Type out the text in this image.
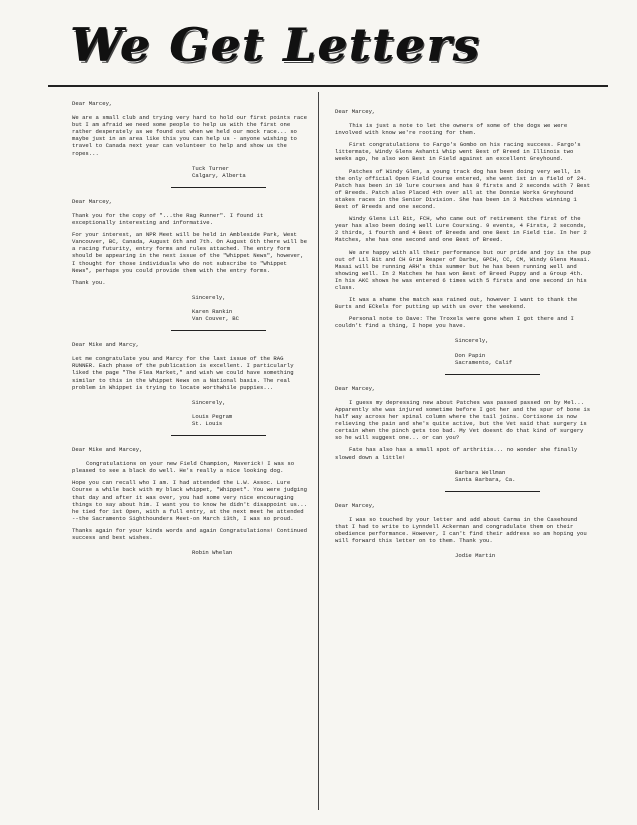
We Get Letters

Dear Marcey,

We are a small club and trying very hard to hold our first points race but I am afraid we need some people to help us with the first one rather desperately as we found out when we held our mock race... so maybe just in an area like this you can help us - anyone wishing to travel to Canada next year can volunteer to help and show us the ropes...

Tuck Turner
Calgary, Alberta

Dear Marcey,

Thank you for the copy of "...the Rag Runner". I found it exceptionally interesting and informative.

For your interest, an NPR Meet will be held in Ambleside Park, West Vancouver, BC, Canada, August 6th and 7th. On August 6th there will be a racing futurity, entry forms and rules attached. The entry form should be appearing in the next issue of the "Whippet News", however, I thought for those individuals who do not subscribe to "Whippet News", perhaps you could provide them with the entry forms.

Thank you.

Sincerely,

Karen Rankin
Van Couver, BC

Dear Mike and Marcy,

Let me congratulate you and Marcy for the last issue of the RAG RUNNER. Each phase of the publication is excellent. I particularly liked the page "The Flea Market," and wish we could have something similar to this in the Whippet News on a National basis. The real problem in Whippet is trying to locate worthwhile puppies...

Sincerely,

Louis Pegram
St. Louis

Dear Mike and Marcey,

Congratulations on your new Field Champion, Maverick! I was so pleased to see a black do well. He's really a nice looking dog.

Hope you can recall who I am. I had attended the L.W. Assoc. Lure Course a while back with my black whippet, "Whippet". You were judging that day and after it was over, you had some very nice encouraging things to say about him. I want you to know he didn't disappoint us... he tied for 1st Open, with a full entry, at the next meet he attended --the Sacramento Sighthounders Meet-on March 13th, I was so proud.

Thanks again for your kinds words and again Congratulations! Continued success and best wishes.

Robin Whelan

Dear Marcey,

This is just a note to let the owners of some of the dogs we were involved with know we're rooting for them.

First congratulations to Fargo's Gombo on his racing success. Fargo's littermate, Windy Glens Ashanti Whip went Best of Breed in Illinois two weeks ago, he also won Best in Field against an excellent Greyhound.

Patches of Windy Glen, a young track dog has been doing very well, in the only official Open Field Course entered, she went 1st in a field of 24. Patch has been in 10 lure courses and has 8 firsts and 2 seconds with 7 Best of Breeds. Patch also Placed 4th over all at the Donnie Works Greyhound stakes races in the Senior Division. She has been in 3 Matches winning 1 Best of Breeds and one second.

Windy Glens Lil Bit, FCH, who came out of retirement the first of the year has also been doing well Lure Coursing. 9 events, 4 Firsts, 2 seconds, 2 thirds, 1 fourth and 4 Best of Breeds and one Best in Field tie. In her 2 Matches, she has one second and one Best of Breed.

We are happy with all their performance but our pride and joy is the pup out of Lil Bit and CH Grim Reaper of Darbe, GPCH, CC, CM, Windy Glens Masai. Masai will be running ARH's this summer but he has been running well and showing well. In 2 Matches he has won Best of Breed Puppy and a Group 4th. In his AKC shows he was entered 6 times with 5 firsts and one second in his class.

It was a shame the match was rained out, however I want to thank the Burts and ECkels for putting up with us over the weekend.

Personal note to Dave: The Troxels were gone when I got there and I couldn't find a thing, I hope you have.

Sincerely,

Don Papin
Sacramento, Calif

Dear Marcey,

I guess my depressing new about Patches was passed passed on by Mel... Apparently she was injured sometime before I got her and the spur of bone is half way across her spinal column where the tail joins. Cortisone is now relieving the pain and she's quite active, but the Vet said that surgery is certain when the pinch gets too bad. My Vet doesnt do that kind of surgery so he will suggest one... or can you?

Fate has also has a small spot of arthritis... no wonder she finally slowed down a little!

Barbara Wellman
Santa Barbara, Ca.

Dear Marcey,

I was so touched by your letter and add about Carma in the Casehound that I had to write to Lynndell Ackerman and congradulate them on their obedience performance. However, I can't find their address so am hoping you will forward this letter on to them. Thank you.

Jodie Martin
